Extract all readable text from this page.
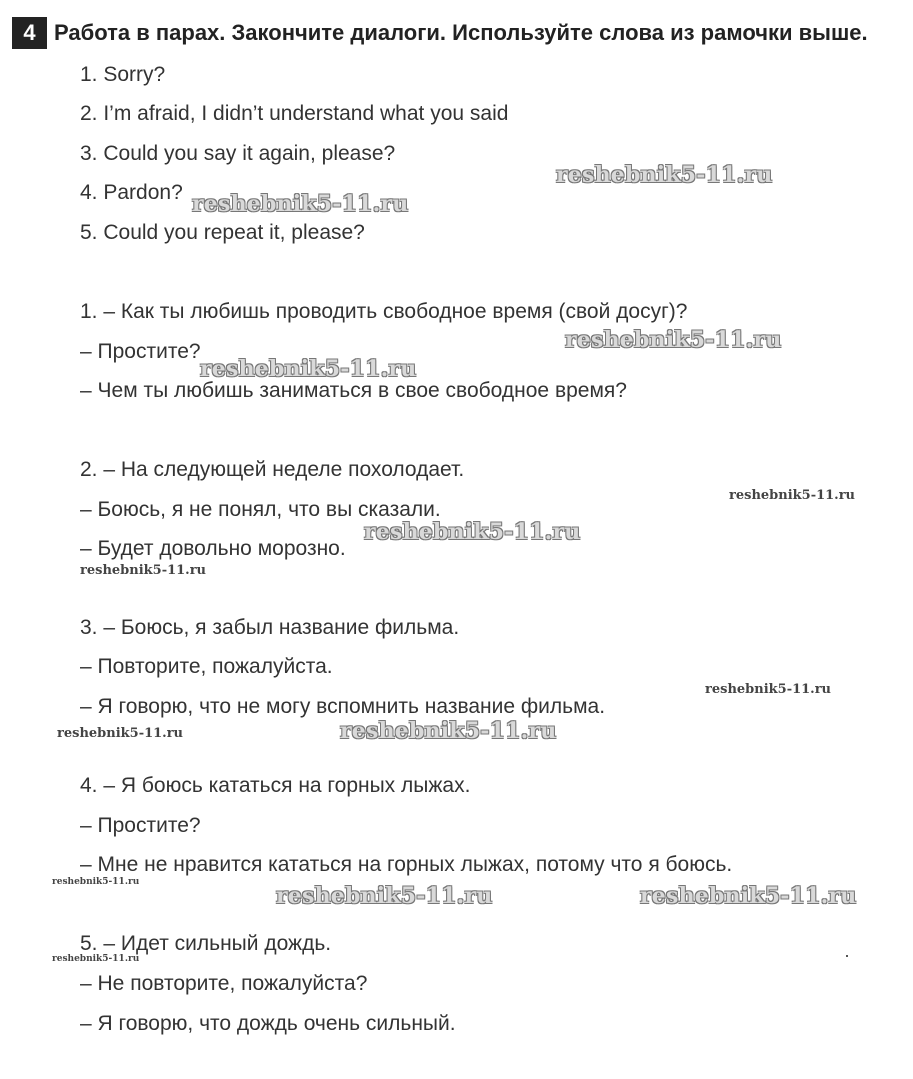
4 Работа в парах. Закончите диалоги. Используйте слова из рамочки выше.
1. Sorry?
2. I’m afraid, I didn’t understand what you said
3. Could you say it again, please?
4. Pardon?
5. Could you repeat it, please?
1. – Как ты любишь проводить свободное время (свой досуг)?
– Простите?
– Чем ты любишь заниматься в свое свободное время?
2. – На следующей неделе похолодает.
– Боюсь, я не понял, что вы сказали.
– Будет довольно морозно.
3. – Боюсь, я забыл название фильма.
– Повторите, пожалуйста.
– Я говорю, что не могу вспомнить название фильма.
4. – Я боюсь кататься на горных лыжах.
– Простите?
– Мне не нравится кататься на горных лыжах, потому что я боюсь.
5. – Идет сильный дождь.
– Не повторите, пожалуйста?
– Я говорю, что дождь очень сильный.
reshebnik5-11.ru
reshebnik5-11.ru
reshebnik5-11.ru
reshebnik5-11.ru
reshebnik5-11.ru
reshebnik5-11.ru
reshebnik5-11.ru
reshebnik5-11.ru
reshebnik5-11.ru	reshebnik5-11.ru
reshebnik5-11.ru
reshebnik5-11.ru	reshebnik5-11.ru
reshebnik5-11.ru
